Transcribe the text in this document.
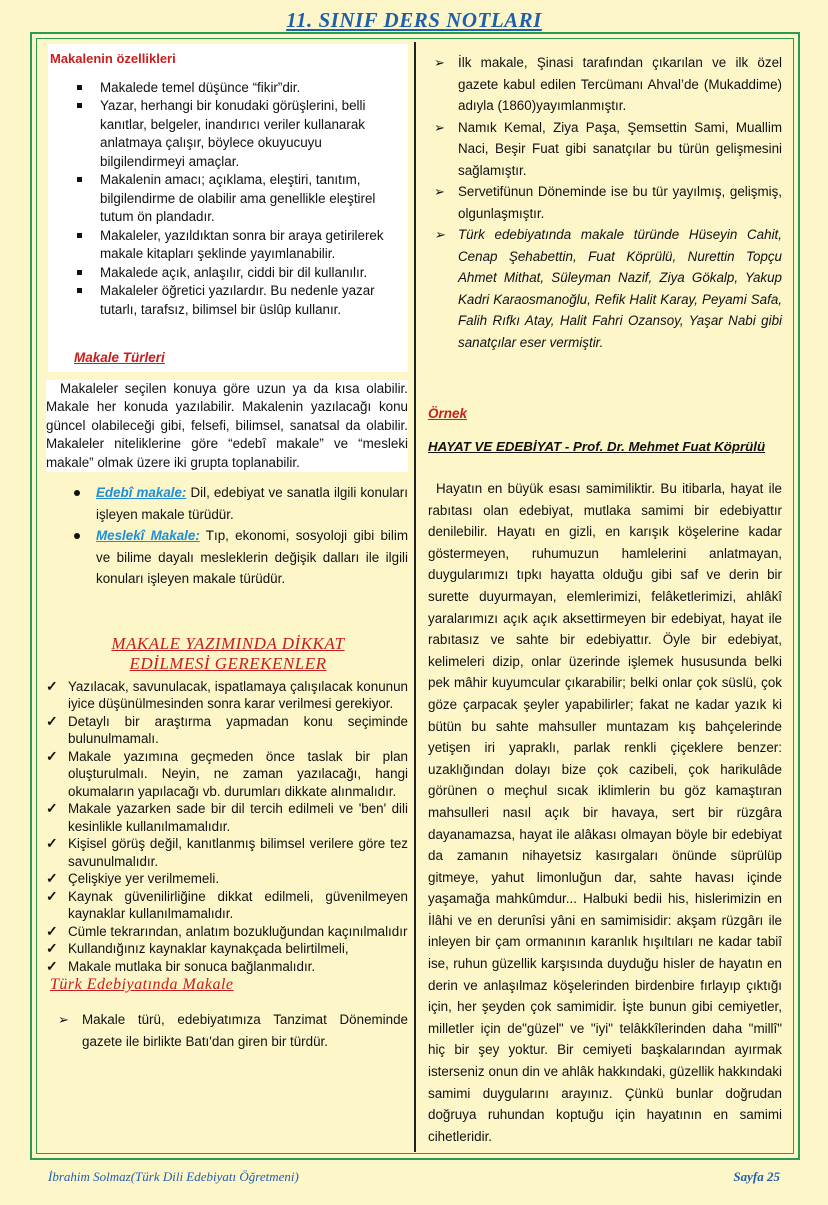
11. SINIF DERS NOTLARI
Makalenin özellikleri
Makalede temel düşünce “fikir”dir.
Yazar, herhangi bir konudaki görüşlerini, belli kanıtlar, belgeler, inandırıcı veriler kullanarak anlatmaya çalışır, böylece okuyucuyu bilgilendirmeyi amaçlar.
Makalenin amacı; açıklama, eleştiri, tanıtım, bilgilendirme de olabilir ama genellikle eleştirel tutum ön plandadır.
Makaleler, yazıldıktan sonra bir araya getirilerek makale kitapları şeklinde yayımlanabilir.
Makalede açık, anlaşılır, ciddi bir dil kullanılır.
Makaleler öğretici yazılardır. Bu nedenle yazar tutarlı, tarafsız, bilimsel bir üslûp kullanır.
Makale Türleri
Makaleler seçilen konuya göre uzun ya da kısa olabilir. Makale her konuda yazılabilir. Makalenin yazılacağı konu güncel olabileceği gibi, felsefi, bilimsel, sanatsal da olabilir. Makaleler niteliklerine göre “edebî makale” ve “mesleki makale” olmak üzere iki grupta toplanabilir.
Edebî makale: Dil, edebiyat ve sanatla ilgili konuları işleyen makale türüdür.
Meslekî Makale: Tıp, ekonomi, sosyoloji gibi bilim ve bilime dayalı mesleklerin değişik dalları ile ilgili konuları işleyen makale türüdür.
MAKALE YAZIMINDA DİKKAT
EDİLMESİ GEREKENLER
✓ Yazılacak, savunulacak, ispatlamaya çalışılacak konunun iyice düşünülmesinden sonra karar verilmesi gerekiyor.
✓ Detaylı bir araştırma yapmadan konu seçiminde bulunulmamalı.
✓ Makale yazımına geçmeden önce taslak bir plan oluşturulmalı. Neyin, ne zaman yazılacağı, hangi okumaların yapılacağı vb. durumları dikkate alınmalıdır.
✓ Makale yazarken sade bir dil tercih edilmeli ve 'ben' dili kesinlikle kullanılmamalıdır.
✓ Kişisel görüş değil, kanıtlanmış bilimsel verilere göre tez savunulmalıdır.
✓ Çelişkiye yer verilmemeli.
✓ Kaynak güvenilirliğine dikkat edilmeli, güvenilmeyen kaynaklar kullanılmamalıdır.
✓ Cümle tekrarından, anlatım bozukluğundan kaçınılmalıdır
✓ Kullandığınız kaynaklar kaynakçada belirtilmeli,
✓ Makale mutlaka bir sonuca bağlanmalıdır.
Türk Edebiyatında Makale
➢ Makale türü, edebiyatımıza Tanzimat Döneminde gazete ile birlikte Batı'dan giren bir türdür.
➢ İlk makale, Şinasi tarafından çıkarılan ve ilk özel gazete kabul edilen Tercümanı Ahval’de (Mukaddime) adıyla (1860)yayımlanmıştır.
➢ Namık Kemal, Ziya Paşa, Şemsettin Sami, Muallim Naci, Beşir Fuat gibi sanatçılar bu türün gelişmesini sağlamıştır.
➢ Servetifünun Döneminde ise bu tür yayılmış, gelişmiş, olgunlaşmıştır.
➢ Türk edebiyatında makale türünde Hüseyin Cahit, Cenap Şehabettin, Fuat Köprülü, Nurettin Topçu Ahmet Mithat, Süleyman Nazif, Ziya Gökalp, Yakup Kadri Karaosmanoğlu, Refik Halit Karay, Peyami Safa, Falih Rıfkı Atay, Halit Fahri Ozansoy, Yaşar Nabi gibi sanatçılar eser vermiştir.
Örnek
HAYAT VE EDEBİYAT - Prof. Dr. Mehmet Fuat Köprülü
Hayatın en büyük esası samimiliktir. Bu itibarla, hayat ile rabıtası olan edebiyat, mutlaka samimi bir edebiyattır denilebilir. Hayatı en gizli, en karışık köşelerine kadar göstermeyen, ruhumuzun hamlelerini anlatmayan, duygularımızı tıpkı hayatta olduğu gibi saf ve derin bir surette duyurmayan, elemlerimizi, felâketlerimizi, ahlâkî yaralarımızı açık açık aksettirmeyen bir edebiyat, hayat ile rabıtasız ve sahte bir edebiyattır. Öyle bir edebiyat, kelimeleri dizip, onlar üzerinde işlemek hususunda belki pek mâhir kuyumcular çıkarabilir; belki onlar çok süslü, çok göze çarpacak şeyler yapabilirler; fakat ne kadar yazık ki bütün bu sahte mahsuller muntazam kış bahçelerinde yetişen iri yapraklı, parlak renkli çiçeklere benzer: uzaklığından dolayı bize çok cazibeli, çok harikulâde görünen o meçhul sıcak iklimlerin bu göz kamaştıran mahsulleri nasıl açık bir havaya, sert bir rüzgâra dayanamazsa, hayat ile alâkası olmayan böyle bir edebiyat da zamanın nihayetsiz kasırgaları önünde süprülüp gitmeye, yahut limonluğun dar, sahte havası içinde yaşamağa mahkûmdur... Halbuki bedii his, hislerimizin en İlâhi ve en derunîsi yâni en samimisidir: akşam rüzgârı ile inleyen bir çam ormanının karanlık hışıltıları ne kadar tabiî ise, ruhun güzellik karşısında duyduğu hisler de hayatın en derin ve anlaşılmaz köşelerinden birdenbire fırlayıp çıktığı için, her şeyden çok samimidir. İşte bunun gibi cemiyetler, milletler için de"güzel" ve "iyi" telâkkîlerinden daha "millî" hiç bir şey yoktur. Bir cemiyeti başkalarından ayırmak isterseniz onun din ve ahlâk hakkındaki, güzellik hakkındaki samimi duygularını arayınız. Çünkü bunlar doğrudan doğruya ruhundan koptuğu için hayatının en samimi cihetleridir.
İbrahim Solmaz(Türk Dili Edebiyatı Öğretmeni)	Sayfa 25
